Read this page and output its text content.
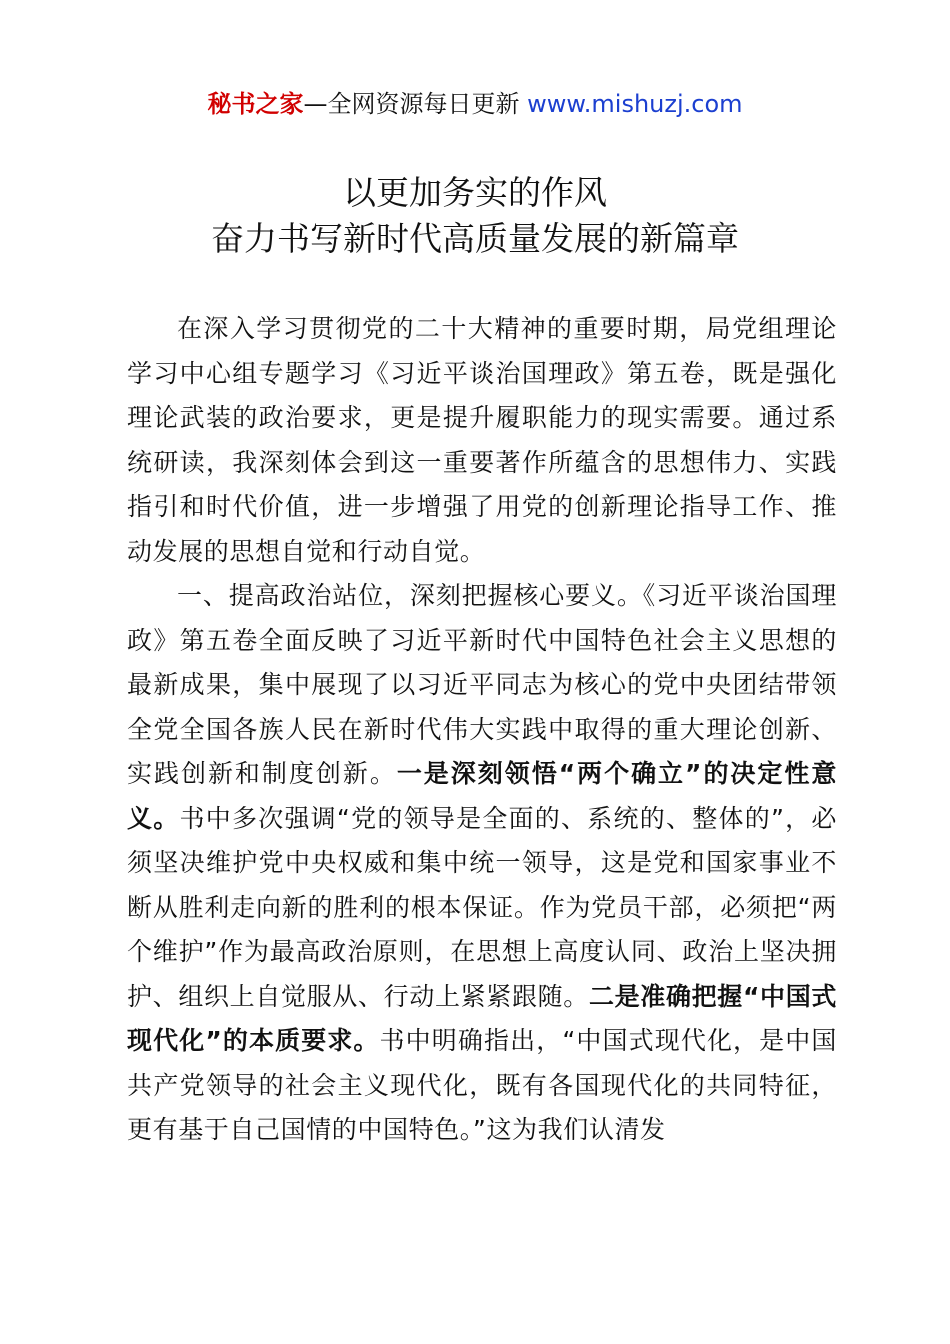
秘书之家—全网资源每日更新 www.mishuzj.com
以更加务实的作风
奋力书写新时代高质量发展的新篇章

在深入学习贯彻党的二十大精神的重要时期，局党组理论学习中心组专题学习《习近平谈治国理政》第五卷，既是强化理论武装的政治要求，更是提升履职能力的现实需要。通过系统研读，我深刻体会到这一重要著作所蕴含的思想伟力、实践指引和时代价值，进一步增强了用党的创新理论指导工作、推动发展的思想自觉和行动自觉。

一、提高政治站位，深刻把握核心要义。《习近平谈治国理政》第五卷全面反映了习近平新时代中国特色社会主义思想的最新成果，集中展现了以习近平同志为核心的党中央团结带领全党全国各族人民在新时代伟大实践中取得的重大理论创新、实践创新和制度创新。一是深刻领悟“两个确立”的决定性意义。书中多次强调“党的领导是全面的、系统的、整体的”，必须坚决维护党中央权威和集中统一领导，这是党和国家事业不断从胜利走向新的胜利的根本保证。作为党员干部，必须把“两个维护”作为最高政治原则，在思想上高度认同、政治上坚决拥护、组织上自觉服从、行动上紧紧跟随。二是准确把握“中国式现代化”的本质要求。书中明确指出，“中国式现代化，是中国共产党领导的社会主义现代化，既有各国现代化的共同特征，更有基于自己国情的中国特色。”这为我们认清发
